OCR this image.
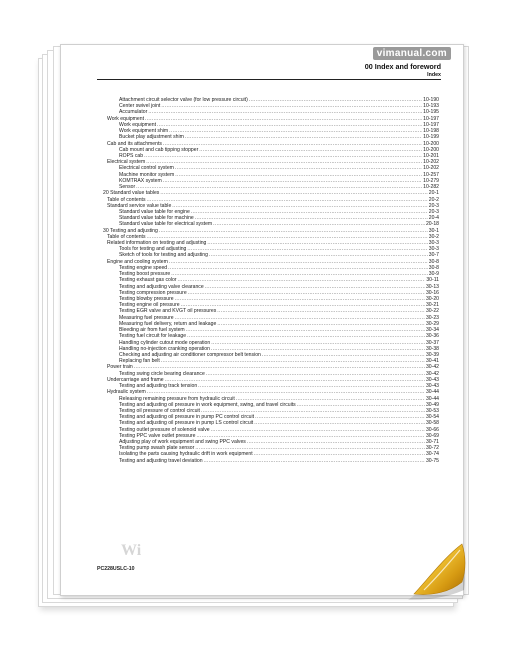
vimanual.com
00 Index and foreword
Index
Attachment circuit selector valve (for low pressure circuit) .....	10-190
Center swivel joint .....	10-193
Accumulator .....	10-195
Work equipment .....	10-197
Work equipment .....	10-197
Work equipment shim .....	10-198
Bucket play adjustment shim .....	10-199
Cab and its attachments .....	10-200
Cab mount and cab tipping stopper .....	10-200
ROPS cab .....	10-201
Electrical system .....	10-202
Electrical control system .....	10-202
Machine monitor system .....	10-257
KOMTRAX system .....	10-279
Sensor .....	10-282
20 Standard value tables .....	20-1
Table of contents .....	20-2
Standard service value table .....	20-3
Standard value table for engine .....	20-3
Standard value table for machine .....	20-4
Standard value table for electrical system .....	20-18
30 Testing and adjusting .....	30-1
Table of contents .....	30-2
Related information on testing and adjusting .....	30-3
Tools for testing and adjusting .....	30-3
Sketch of tools for testing and adjusting .....	30-7
Engine and cooling system .....	30-8
Testing engine speed .....	30-8
Testing boost pressure .....	30-9
Testing exhaust gas color .....	30-11
Testing and adjusting valve clearance .....	30-13
Testing compression pressure .....	30-16
Testing blowby pressure .....	30-20
Testing engine oil pressure .....	30-21
Testing EGR valve and KVGT oil pressures .....	30-22
Measuring fuel pressure .....	30-23
Measuring fuel delivery, return and leakage .....	30-29
Bleeding air from fuel system .....	30-34
Testing fuel circuit for leakage .....	30-36
Handling cylinder cutout mode operation .....	30-37
Handling no-injection cranking operation .....	30-38
Checking and adjusting air conditioner compressor belt tension .....	30-39
Replacing fan belt .....	30-41
Power train .....	30-42
Testing swing circle bearing clearance .....	30-42
Undercarriage and frame .....	30-43
Testing and adjusting track tension .....	30-43
Hydraulic system .....	30-44
Releasing remaining pressure from hydraulic circuit .....	30-44
Testing and adjusting oil pressure in work equipment, swing, and travel circuits .....	30-49
Testing oil pressure of control circuit .....	30-53
Testing and adjusting oil pressure in pump PC control circuit .....	30-54
Testing and adjusting oil pressure in pump LS control circuit .....	30-58
Testing outlet pressure of solenoid valve .....	30-66
Testing PPC valve outlet pressure .....	30-69
Adjusting play of work equipment and swing PPC valves .....	30-71
Testing pump swash plate sensor .....	30-72
Isolating the parts causing hydraulic drift in work equipment .....	30-74
Testing and adjusting travel deviation .....	30-75
Wi
PC228USLC-10
